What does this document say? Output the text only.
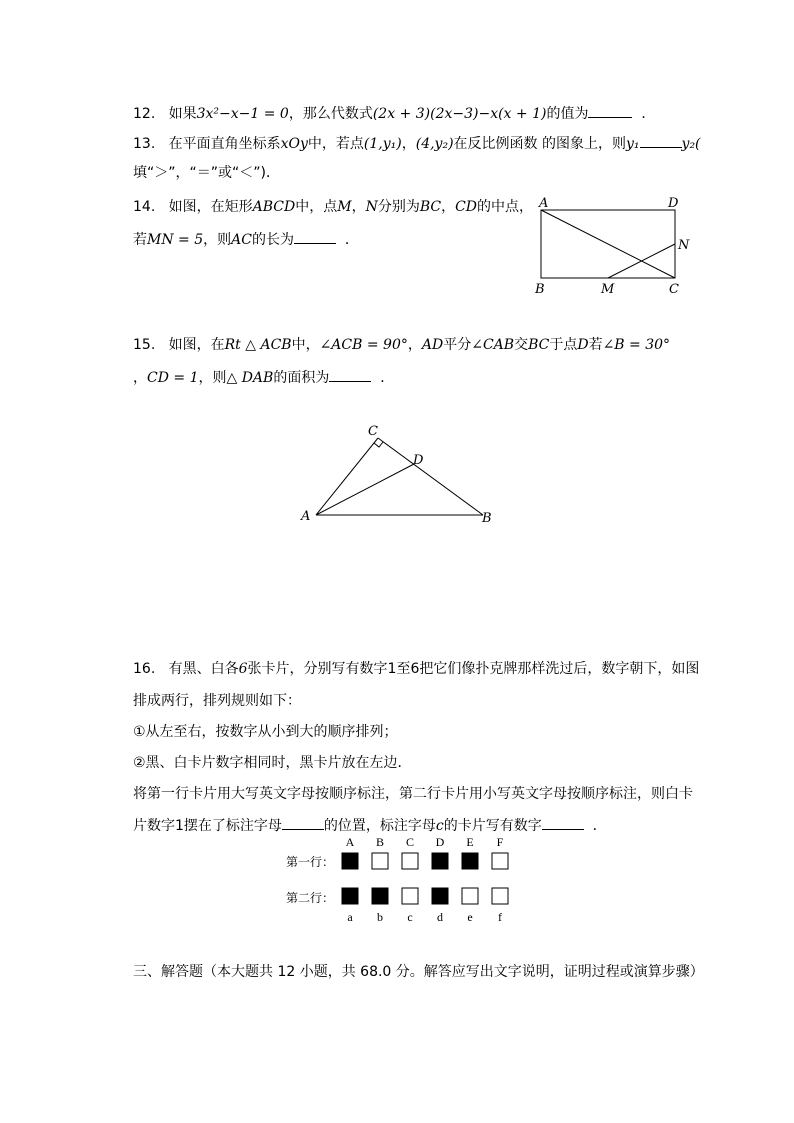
12. 如果3x²−x−1 = 0，那么代数式(2x + 3)(2x−3)−x(x + 1)的值为	．
13. 在平面直角坐标系xOy中，若点(1,y₁)，(4,y₂)在反比例函数 的图象上，则y₁	y₂(
填“＞”，“＝”或“＜”)．
14. 如图，在矩形ABCD中，点M，N分别为BC，CD的中点，
若MN = 5，则AC的长为	．
A	D
B	C
M
N
15. 如图，在Rt △ ACB中，∠ACB = 90°，AD平分∠CAB交BC于点D若∠B = 30°
，CD = 1，则△ DAB的面积为	．
C
D
A	B
16. 有黑、白各6张卡片，分别写有数字1至6把它们像扑克牌那样洗过后，数字朝下，如图
排成两行，排列规则如下：
①从左至右，按数字从小到大的顺序排列；
②黑、白卡片数字相同时，黑卡片放在左边．
将第一行卡片用大写英文字母按顺序标注，第二行卡片用小写英文字母按顺序标注，则白卡
片数字1摆在了标注字母	的位置，标注字母c的卡片写有数字	．
第一行：
第二行：
A B C D E F
a b c d e f
三、解答题（本大题共 12 小题，共 68.0 分。解答应写出文字说明，证明过程或演算步骤）
